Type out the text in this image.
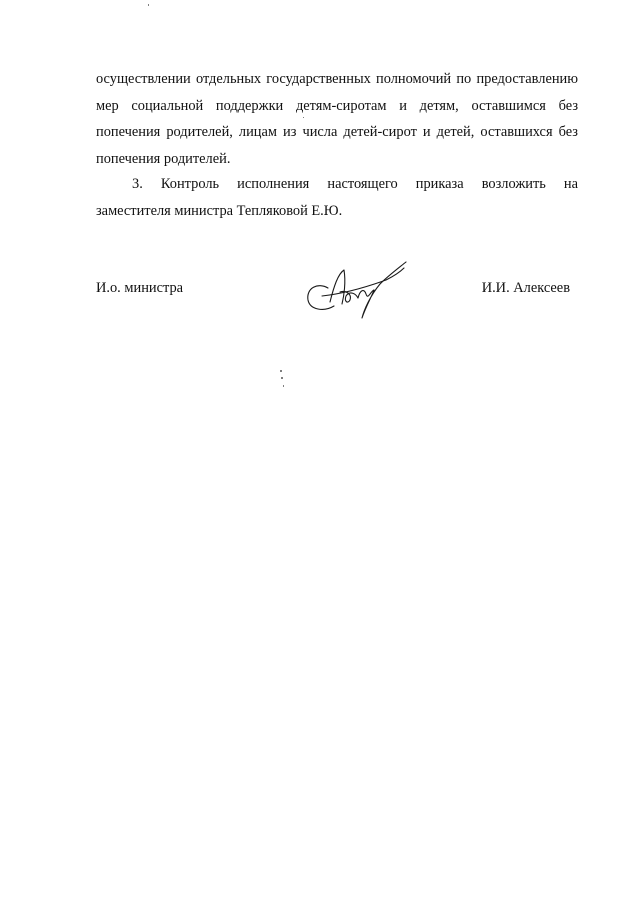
осуществлении отдельных государственных полномочий по предоставлению
мер социальной поддержки детям-сиротам и детям, оставшимся без
попечения родителей, лицам из числа детей-сирот и детей, оставшихся без
попечения родителей.
3. Контроль исполнения настоящего приказа возложить на
заместителя министра Тепляковой Е.Ю.
И.о. министра	И.И. Алексеев
